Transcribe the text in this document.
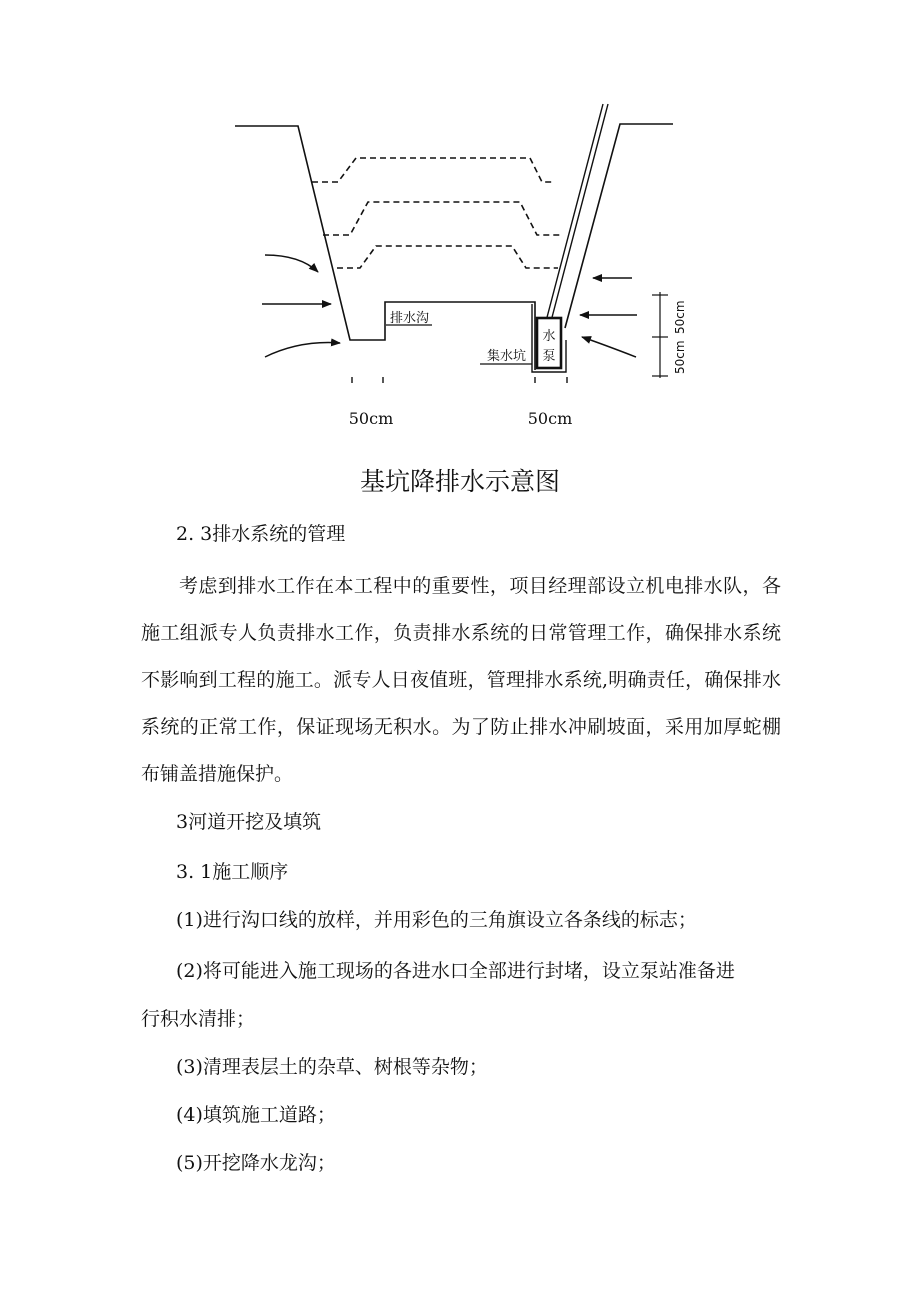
水
泵
排水沟
集水坑
50cm
50cm
50cm	50cm
基坑降排水示意图

2. 3排水系统的管理

考虑到排水工作在本工程中的重要性，项目经理部设立机电排水队，各施工组派专人负责排水工作，负责排水系统的日常管理工作，确保排水系统不影响到工程的施工。派专人日夜值班，管理排水系统,明确责任，确保排水系统的正常工作，保证现场无积水。为了防止排水冲刷坡面，采用加厚蛇棚布铺盖措施保护。

3河道开挖及填筑

3. 1施工顺序

(1)进行沟口线的放样，并用彩色的三角旗设立各条线的标志；

(2)将可能进入施工现场的各进水口全部进行封堵，设立泵站准备进

行积水清排；

(3)清理表层土的杂草、树根等杂物；

(4)填筑施工道路；

(5)开挖降水龙沟；
